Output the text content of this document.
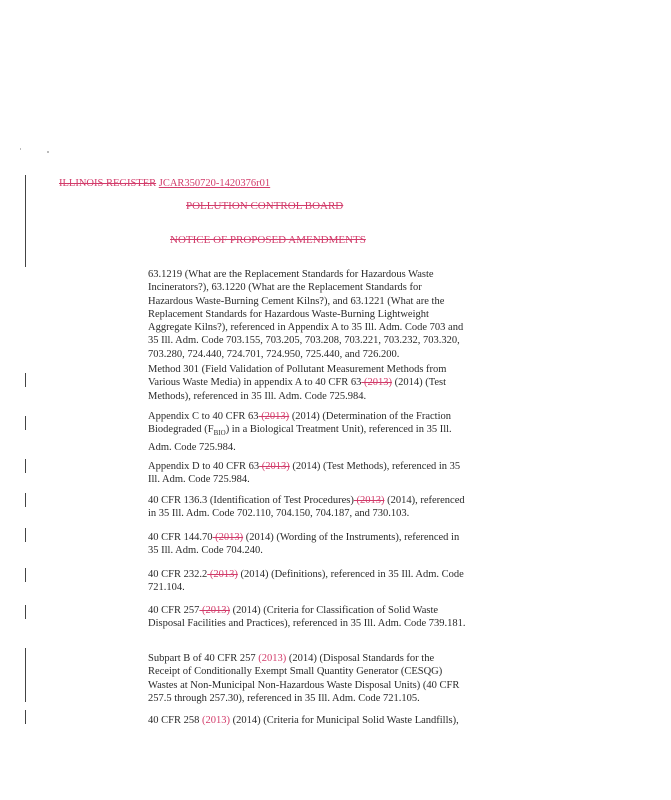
ILLINOIS REGISTER JCAR350720-1420376r01
POLLUTION CONTROL BOARD
NOTICE OF PROPOSED AMENDMENTS

63.1219 (What are the Replacement Standards for Hazardous Waste Incinerators?), 63.1220 (What are the Replacement Standards for Hazardous Waste-Burning Cement Kilns?), and 63.1221 (What are the Replacement Standards for Hazardous Waste-Burning Lightweight Aggregate Kilns?), referenced in Appendix A to 35 Ill. Adm. Code 703 and 35 Ill. Adm. Code 703.155, 703.205, 703.208, 703.221, 703.232, 703.320, 703.280, 724.440, 724.701, 724.950, 725.440, and 726.200.

Method 301 (Field Validation of Pollutant Measurement Methods from Various Waste Media) in appendix A to 40 CFR 63 (2013) (2014) (Test Methods), referenced in 35 Ill. Adm. Code 725.984.

Appendix C to 40 CFR 63 (2013) (2014) (Determination of the Fraction Biodegraded $(F_{BIO})$ in a Biological Treatment Unit), referenced in 35 Ill. Adm. Code 725.984.

Appendix D to 40 CFR 63 (2013) (2014) (Test Methods), referenced in 35 Ill. Adm. Code 725.984.

40 CFR 136.3 (Identification of Test Procedures) (2013) (2014), referenced in 35 Ill. Adm. Code 702.110, 704.150, 704.187, and 730.103.

40 CFR 144.70 (2013) (2014) (Wording of the Instruments), referenced in 35 Ill. Adm. Code 704.240.

40 CFR 232.2 (2013) (2014) (Definitions), referenced in 35 Ill. Adm. Code 721.104.

40 CFR 257 (2013) (2014) (Criteria for Classification of Solid Waste Disposal Facilities and Practices), referenced in 35 Ill. Adm. Code 739.181.

Subpart B of 40 CFR 257 (2013) (2014) (Disposal Standards for the Receipt of Conditionally Exempt Small Quantity Generator (CESQG) Wastes at Non-Municipal Non-Hazardous Waste Disposal Units) (40 CFR 257.5 through 257.30), referenced in 35 Ill. Adm. Code 721.105.

40 CFR 258 (2013) (2014) (Criteria for Municipal Solid Waste Landfills),
